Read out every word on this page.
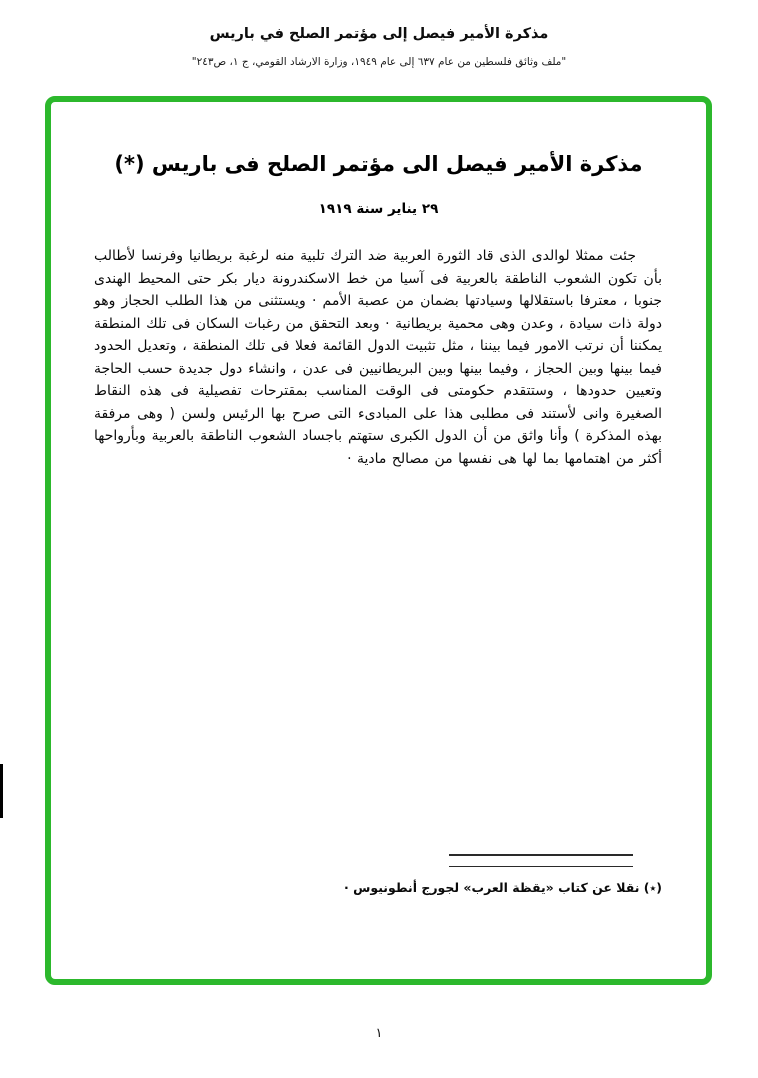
مذكرة الأمير فيصل إلى مؤتمر الصلح في باريس
"ملف وثائق فلسطين من عام ٦٣٧ إلى عام ١٩٤٩، وزارة الارشاد القومي، ج ١، ص٢٤٣"
مذكرة الأمير فيصل الى مؤتمر الصلح فى باريس (*)
٢٩ يناير سنة ١٩١٩

جئت ممثلا لوالدى الذى قاد الثورة العربية ضد الترك تلبية منه لرغبة بريطانيا وفرنسا لأطالب بأن تكون الشعوب الناطقة بالعربية فى آسيا من خط الاسكندرونة ديار بكر حتى المحيط الهندى جنوبا ، معترفا باستقلالها وسيادتها بضمان من عصبة الأمم · ويستثنى من هذا الطلب الحجاز وهو دولة ذات سيادة ، وعدن وهى محمية بريطانية · وبعد التحقق من رغبات السكان فى تلك المنطقة يمكننا أن نرتب الامور فيما بيننا ، مثل تثبيت الدول القائمة فعلا فى تلك المنطقة ، وتعديل الحدود فيما بينها وبين الحجاز ، وفيما بينها وبين البريطانيين فى عدن ، وانشاء دول جديدة حسب الحاجة وتعيين حدودها ، وستتقدم حكومتى فى الوقت المناسب بمقترحات تفصيلية فى هذه النقاط الصغيرة وانى لأستند فى مطلبى هذا على المبادىء التى صرح بها الرئيس ولسن ( وهى مرفقة بهذه المذكرة ) وأنا واثق من أن الدول الكبرى ستهتم باجساد الشعوب الناطقة بالعربية وبأرواحها أكثر من اهتمامها بما لها هى نفسها من مصالح مادية ·

(٭) نقلا عن كتاب «يقظة العرب» لجورج أنطونيوس ·
١
